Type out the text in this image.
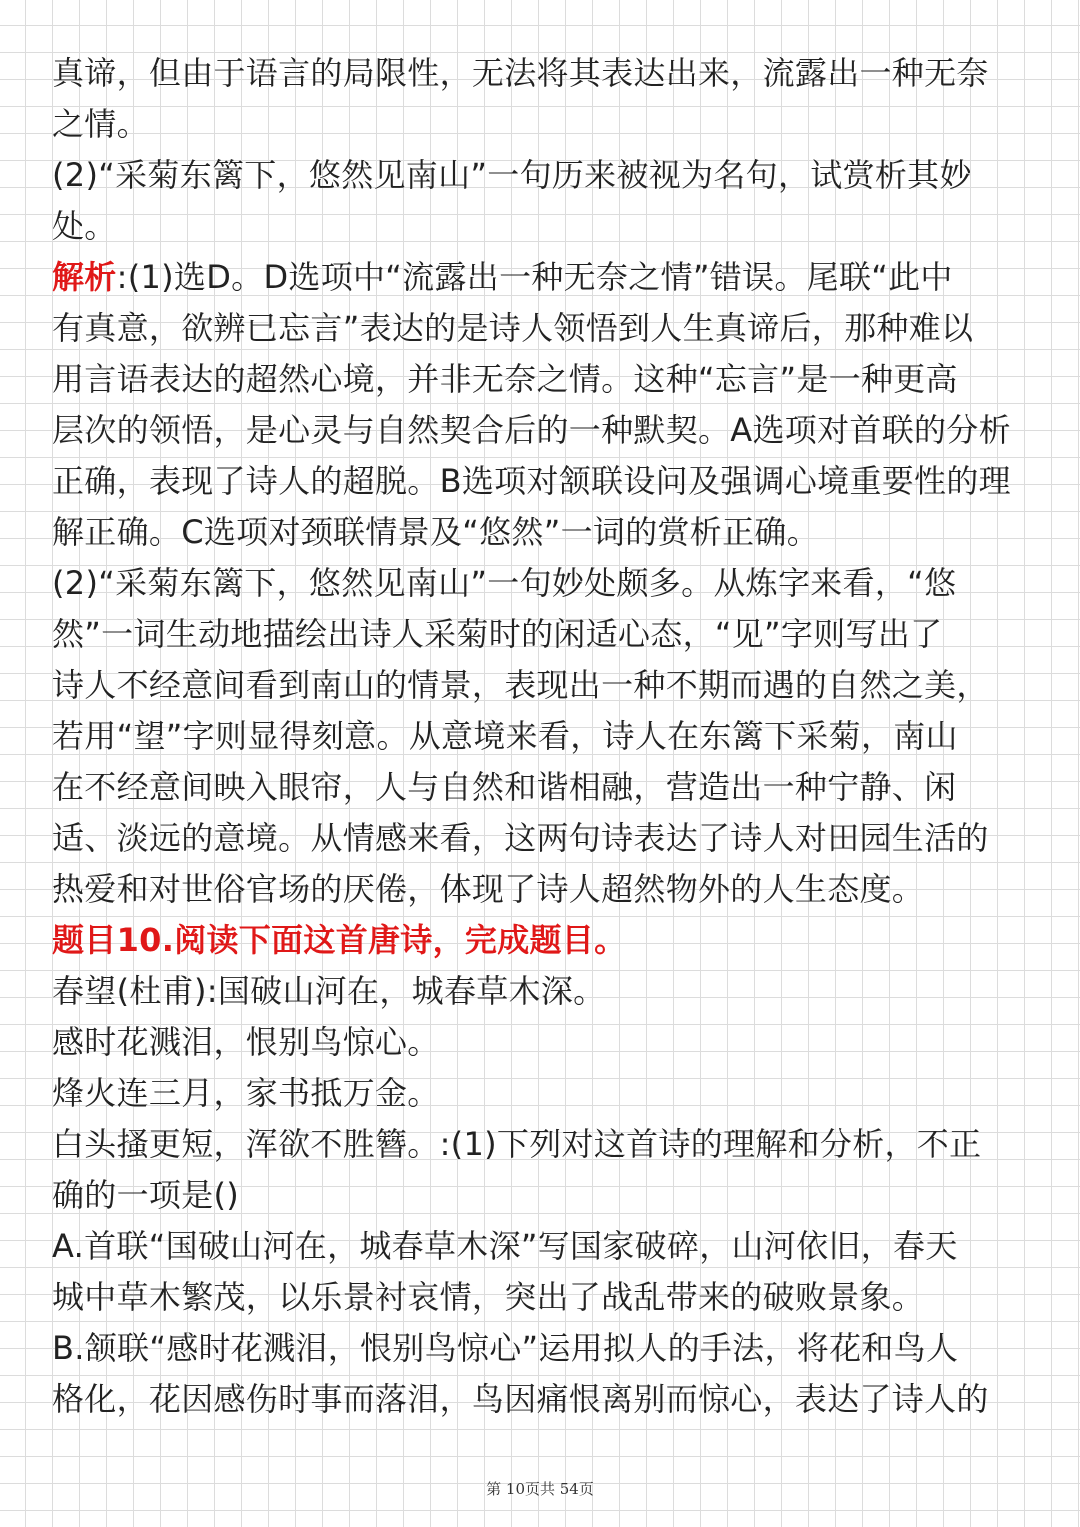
真谛，但由于语言的局限性，无法将其表达出来，流露出一种无奈
之情。
(2)“采菊东篱下，悠然见南山”一句历来被视为名句，试赏析其妙
处。
解析:(1)选D。D选项中“流露出一种无奈之情”错误。尾联“此中
有真意，欲辨已忘言”表达的是诗人领悟到人生真谛后，那种难以
用言语表达的超然心境，并非无奈之情。这种“忘言”是一种更高
层次的领悟，是心灵与自然契合后的一种默契。A选项对首联的分析
正确，表现了诗人的超脱。B选项对颔联设问及强调心境重要性的理
解正确。C选项对颈联情景及“悠然”一词的赏析正确。
(2)“采菊东篱下，悠然见南山”一句妙处颇多。从炼字来看，“悠
然”一词生动地描绘出诗人采菊时的闲适心态，“见”字则写出了
诗人不经意间看到南山的情景，表现出一种不期而遇的自然之美，
若用“望”字则显得刻意。从意境来看，诗人在东篱下采菊，南山
在不经意间映入眼帘，人与自然和谐相融，营造出一种宁静、闲
适、淡远的意境。从情感来看，这两句诗表达了诗人对田园生活的
热爱和对世俗官场的厌倦，体现了诗人超然物外的人生态度。
题目10.阅读下面这首唐诗，完成题目。
春望(杜甫):国破山河在，城春草木深。
感时花溅泪，恨别鸟惊心。
烽火连三月，家书抵万金。
白头搔更短，浑欲不胜簪。:(1)下列对这首诗的理解和分析，不正
确的一项是()
A.首联“国破山河在，城春草木深”写国家破碎，山河依旧，春天
城中草木繁茂，以乐景衬哀情，突出了战乱带来的破败景象。
B.颔联“感时花溅泪，恨别鸟惊心”运用拟人的手法，将花和鸟人
格化，花因感伤时事而落泪，鸟因痛恨离别而惊心，表达了诗人的
第 10页共 54页
